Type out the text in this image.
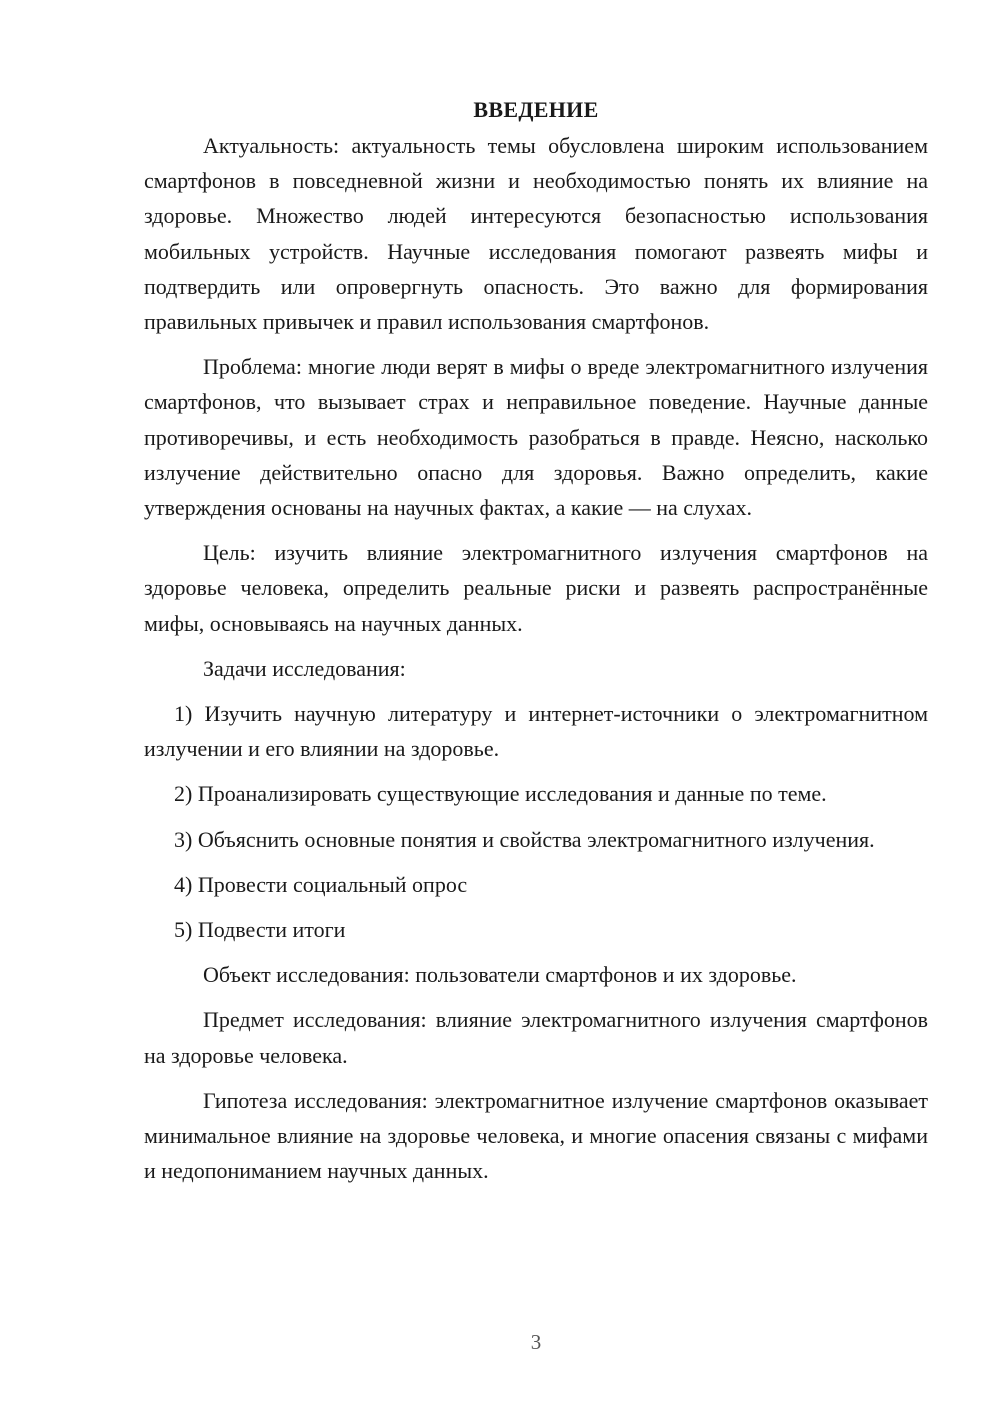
ВВЕДЕНИЕ

Актуальность: актуальность темы обусловлена широким использованием смартфонов в повседневной жизни и необходимостью понять их влияние на здоровье. Множество людей интересуются безопасностью использования мобильных устройств. Научные исследования помогают развеять мифы и подтвердить или опровергнуть опасность. Это важно для формирования правильных привычек и правил использования смартфонов.

Проблема: многие люди верят в мифы о вреде электромагнитного излучения смартфонов, что вызывает страх и неправильное поведение. Научные данные противоречивы, и есть необходимость разобраться в правде. Неясно, насколько излучение действительно опасно для здоровья. Важно определить, какие утверждения основаны на научных фактах, а какие — на слухах.

Цель: изучить влияние электромагнитного излучения смартфонов на здоровье человека, определить реальные риски и развеять распространённые мифы, основываясь на научных данных.

Задачи исследования:

1) Изучить научную литературу и интернет-источники о электромагнитном излучении и его влиянии на здоровье.

2) Проанализировать существующие исследования и данные по теме.

3) Объяснить основные понятия и свойства электромагнитного излучения.

4) Провести социальный опрос

5) Подвести итоги

Объект исследования: пользователи смартфонов и их здоровье.

Предмет исследования: влияние электромагнитного излучения смартфонов на здоровье человека.

Гипотеза исследования: электромагнитное излучение смартфонов оказывает минимальное влияние на здоровье человека, и многие опасения связаны с мифами и недопониманием научных данных.

3
